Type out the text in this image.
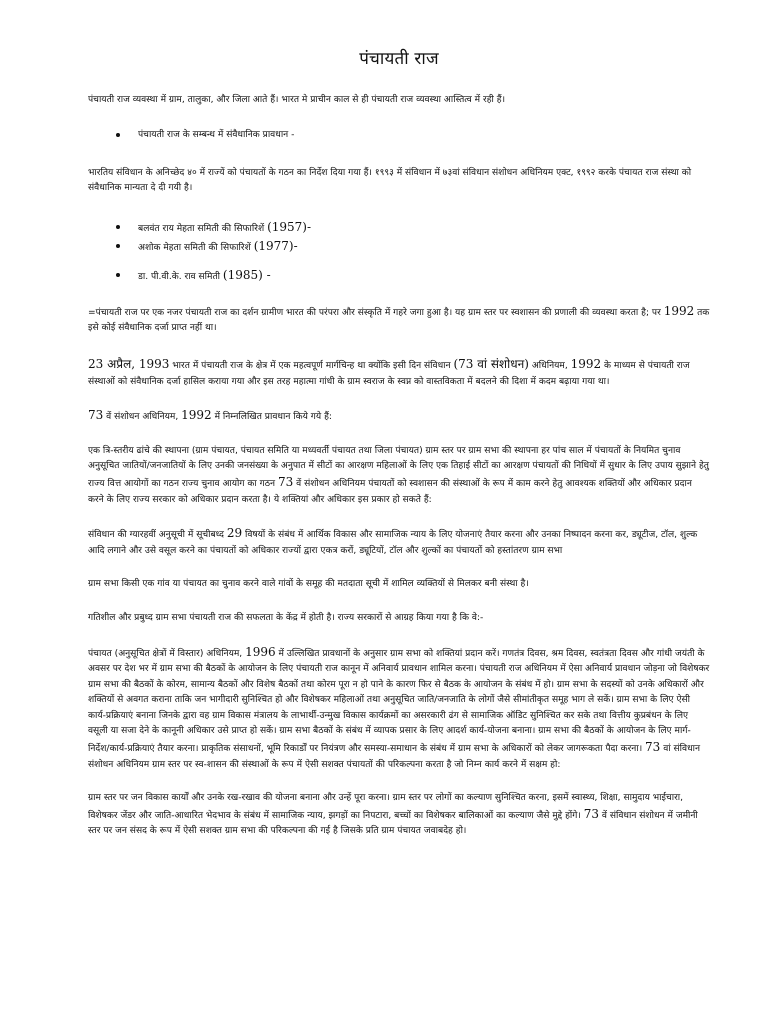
पंचायती राज

पंचायती राज व्यवस्था में ग्राम, तालुका, और जिला आते हैं। भारत मे प्राचीन काल से ही पंचायती राज व्यवस्था आस्तित्व में रही हैं।

पंचायती राज के सम्बन्ध में संवैधानिक प्रावधान -

भारतिय संविधान के अनिच्छेद ४० में राज्यें को पंचायतों के गठन का निर्देश दिया गया हैं। १९९३ में संविधान में ७३वां संविधान संशोधन अधिनियम एक्ट, १९९२ करके पंचायत राज संस्था को संवैधानिक मान्यता दे दी गयी है।

बलवंत राय मेहता समिती की सिफारिशें (1957)-
अशोक मेहता समिती की सिफारिशें (1977)-
डा. पी.वी.के. राव समिती (1985) -

=पंचायती राज पर एक नजर पंचायती राज का दर्शन ग्रामीण भारत की परंपरा और संस्कृति में गहरे जगा हुआ है। यह ग्राम स्तर पर स्वशासन की प्रणाली की व्यवस्था करता है; पर 1992 तक इसे कोई संवैधानिक दर्जा प्राप्त नहीं था।

23 अप्रैल, 1993 भारत में पंचायती राज के क्षेत्र में एक महत्वपूर्ण मार्गचिन्ह था क्योंकि इसी दिन संविधान (73 वां संशोधन) अधिनियम, 1992 के माध्यम से पंचायती राज संस्थाओं को संवैधानिक दर्जा हासिल कराया गया और इस तरह महात्मा गांधी के ग्राम स्वराज के स्वप्न को वास्तविकता में बदलने की दिशा में कदम बढ़ाया गया था।

73 वें संशोधन अधिनियम, 1992 में निम्नलिखित प्रावधान किये गये हैं:

एक त्रि-स्तरीय ढांचे की स्थापना (ग्राम पंचायत, पंचायत समिति या मध्यवर्ती पंचायत तथा जिला पंचायत) ग्राम स्तर पर ग्राम सभा की स्थापना हर पांच साल में पंचायतों के नियमित चुनाव अनुसूचित जातियों/जनजातियों के लिए उनकी जनसंख्या के अनुपात में सीटों का आरक्षण महिलाओं के लिए एक तिहाई सीटों का आरक्षण पंचायतों की निधियों में सुधार के लिए उपाय सुझाने हेतु राज्य वित्त आयोगों का गठन राज्य चुनाव आयोग का गठन 73 वें संशोधन अधिनियम पंचायतों को स्वशासन की संस्थाओं के रूप में काम करने हेतु आवश्यक शक्तियों और अधिकार प्रदान करने के लिए राज्य सरकार को अधिकार प्रदान करता है। ये शक्तियां और अधिकार इस प्रकार हो सकते हैं:

संविधान की ग्यारहवीं अनुसूची में सूचीबध्द 29 विषयों के संबंध में आर्थिक विकास और सामाजिक न्याय के लिए योजनाएं तैयार करना और उनका निष्पादन करना कर, ड्यूटीज, टॉल, शुल्क आदि लगाने और उसे वसूल करने का पंचायतों को अधिकार राज्यों द्वारा एकत्र करों, ड्यूटियों, टॉल और शुल्कों का पंचायतों को हस्तांतरण ग्राम सभा

ग्राम सभा किसी एक गांव या पंचायत का चुनाव करने वाले गांवों के समूह की मतदाता सूची में शामिल व्यक्तियों से मिलकर बनी संस्था है।

गतिशील और प्रबुध्द ग्राम सभा पंचायती राज की सफलता के केंद्र में होती है। राज्य सरकारों से आग्रह किया गया है कि वे:-

पंचायत (अनुसूचित क्षेत्रों में विस्तार) अधिनियम, 1996 में उल्लिखित प्रावधानों के अनुसार ग्राम सभा को शक्तियां प्रदान करें। गणतंत्र दिवस, श्रम दिवस, स्वतंत्रता दिवस और गांधी जयंती के अवसर पर देश भर में ग्राम सभा की बैठकों के आयोजन के लिए पंचायती राज कानून में अनिवार्य प्रावधान शामिल करना। पंचायती राज अधिनियम में ऐसा अनिवार्य प्रावधान जोड़ना जो विशेषकर ग्राम सभा की बैठकों के कोरम, सामान्य बैठकों और विशेष बैठकों तथा कोरम पूरा न हो पाने के कारण फिर से बैठक के आयोजन के संबंध में हो। ग्राम सभा के सदस्यों को उनके अधिकारों और शक्तियों से अवगत कराना ताकि जन भागीदारी सुनिश्चित हो और विशेषकर महिलाओं तथा अनुसूचित जाति/जनजाति के लोगों जैसे सीमांतीकृत समूह भाग ले सकें। ग्राम सभा के लिए ऐसी कार्य-प्रक्रियाएं बनाना जिनके द्वारा वह ग्राम विकास मंत्रालय के लाभार्थी-उन्मुख विकास कार्यक्रमों का असरकारी ढंग से सामाजिक ऑडिट सुनिश्चित कर सके तथा वित्तीय कुप्रबंधन के लिए वसूली या सजा देने के कानूनी अधिकार उसे प्राप्त हो सकें। ग्राम सभा बैठकों के संबंध में व्यापक प्रसार के लिए आदर्श कार्य-योजना बनाना। ग्राम सभा की बैठकों के आयोजन के लिए मार्ग-निर्देश/कार्य-प्रक्रियाएं तैयार करना। प्राकृतिक संसाधनों, भूमि रिकार्डों पर नियंत्रण और समस्या-समाधान के संबंध में ग्राम सभा के अधिकारों को लेकर जागरूकता पैदा करना। 73 वां संविधान संशोधन अधिनियम ग्राम स्तर पर स्व-शासन की संस्थाओं के रूप में ऐसी सशक्त पंचायतों की परिकल्पना करता है जो निम्न कार्य करने में सक्षम हो:

ग्राम स्तर पर जन विकास कार्यों और उनके रख-रखाव की योजना बनाना और उन्हें पूरा करना। ग्राम स्तर पर लोगों का कल्याण सुनिश्चित करना, इसमें स्वास्थ्य, शिक्षा, सामुदाय भाईचारा, विशेषकर जेंडर और जाति-आधारित भेदभाव के संबंध में सामाजिक न्याय, झगड़ों का निपटारा, बच्चों का विशेषकर बालिकाओं का कल्याण जैसे मुद्दे होंगे। 73 वें संविधान संशोधन में जमीनी स्तर पर जन संसद के रूप में ऐसी सशक्त ग्राम सभा की परिकल्पना की गई है जिसके प्रति ग्राम पंचायत जवाबदेह हो।
